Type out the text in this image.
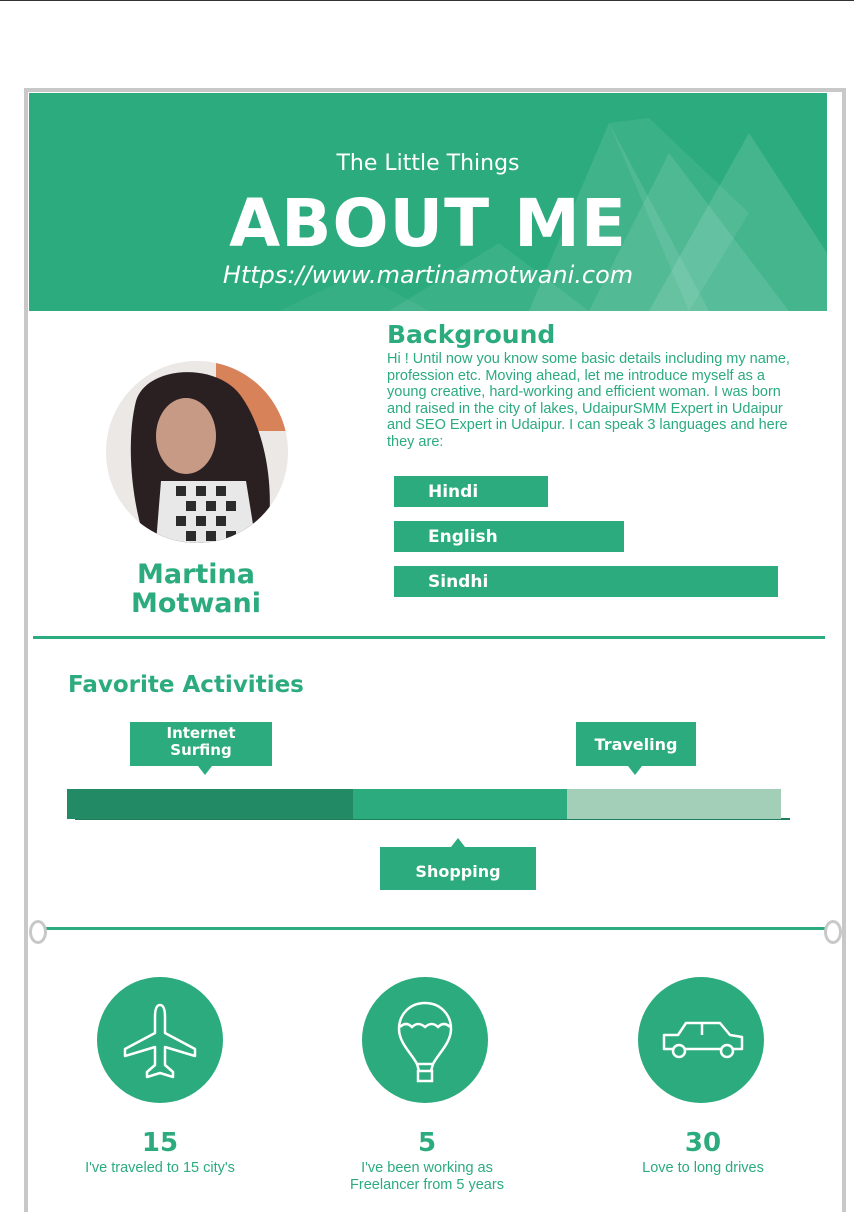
The Little Things
ABOUT ME
Https://www.martinamotwani.com
Martina
Motwani
Background
Hi ! Until now you know some basic details including my name, profession etc. Moving ahead, let me introduce myself as a young creative, hard-working and efficient woman. I was born and raised in the city of lakes, UdaipurSMM Expert in Udaipur and SEO Expert in Udaipur. I can speak 3 languages and here they are:
Hindi
English
Sindhi
Favorite Activities
Internet
Surfing	Traveling
Shopping
15
I've traveled to 15 city's
5
I've been working as Freelancer from 5 years
30
Love to long drives
